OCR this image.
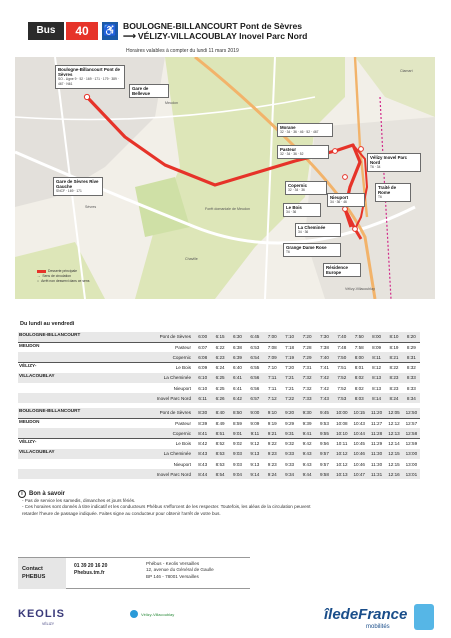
Bus	40	♿ BOULOGNE-BILLANCOURT Pont de Sèvres
⟶ VÉLIZY-VILLACOUBLAY Inovel Parc Nord
Horaires valables à compter du lundi 11 mars 2019
Boulogne-Billancourt Pont de Sèvres
SO - Ligne 9 · 52 · 169 · 171 · 179 · 389 · 467 · N61
Gare de Bellevue
Gare de Sèvres Rive Gauche
SNCF · 169 · 171
Morane
32 · 34 · 36 · 46 · 52 · 467
Pasteur
32 · 34 · 36 · 52
Copernic
32 · 34 · 36
Le Bois
34 · 36
Vélizy Inovel Parc Nord
T6 · 34
Nieuport
34 · 36 · 46
Traité de Rome
T6
La Cheminée
34 · 36
Grange Dame Rose
T6
Résidence Europe
Meudon
Sèvres
Chaville
Vélizy-Villacoublay
Clamart
Forêt domaniale de Meudon
Desserte principale
→ Sens de circulation
○ Arrêt non desservi dans ce sens
Du lundi au vendredi
BOULOGNE-BILLANCOURT	Pont de Sèvres	6:00	6:15	6:30	6:45	7:00	7:10	7:20	7:30	7:40	7:50	8:00	8:10	8:20
MEUDON	Pasteur	6:07	6:22	6:38	6:53	7:08	7:18	7:28	7:38	7:48	7:58	8:09	8:19	8:29
	Copernic	6:08	6:23	6:39	6:54	7:09	7:19	7:29	7:40	7:50	8:00	8:11	8:21	8:31
VÉLIZY-	Le Bois	6:09	6:24	6:40	6:55	7:10	7:20	7:31	7:41	7:51	8:01	8:12	8:22	8:32
VILLACOUBLAY	La Cheminée	6:10	6:25	6:41	6:56	7:11	7:21	7:32	7:42	7:52	8:02	8:13	8:23	8:33
	Nieuport	6:10	6:25	6:41	6:56	7:11	7:21	7:32	7:42	7:52	8:02	8:13	8:23	8:33
	Inovel Parc Nord	6:11	6:26	6:42	6:57	7:12	7:22	7:33	7:43	7:53	8:03	8:14	8:24	8:34
BOULOGNE-BILLANCOURT	Pont de Sèvres	8:30	8:40	8:50	9:00	9:10	9:20	9:30	9:45	10:00	10:15	11:20	12:05	12:50
MEUDON	Pasteur	8:39	8:49	8:59	9:09	9:19	9:29	9:39	9:53	10:08	10:43	11:27	12:12	12:57
	Copernic	8:41	8:51	9:01	9:11	9:21	9:31	9:41	9:55	10:10	10:44	11:28	12:13	12:58
VÉLIZY-	Le Bois	8:42	8:52	9:02	9:12	9:22	9:32	9:42	9:56	10:11	10:45	11:29	12:14	12:59
VILLACOUBLAY	La Cheminée	8:43	8:53	9:03	9:13	9:23	9:33	9:43	9:57	10:12	10:46	11:30	12:15	13:00
	Nieuport	8:43	8:53	9:03	9:13	9:23	9:33	9:43	9:57	10:12	10:46	11:30	12:15	13:00
	Inovel Parc Nord	8:44	8:54	9:04	9:14	9:24	9:34	9:44	9:58	10:13	10:47	11:31	12:16	13:01
i	Bon à savoir

- Pas de service les samedis, dimanches et jours fériés.

- Ces horaires sont donnés à titre indicatif et les conducteurs Phébus s'efforcent de les respecter. Toutefois, les aléas de la circulation peuvent

retarder l'heure de passage indiquée. Faites signe au conducteur pour obtenir l'arrêt de votre bus.

Contact
PHEBUS
01 39 20 16 20
Phebus.tm.fr
Phébus - Keolis Versailles
12, avenue du Général de Gaulle
BP 146 - 78001 Versailles
KEOLIS
VÉLIZY
Vélizy-Villacoublay	îledeFrance
mobilités
